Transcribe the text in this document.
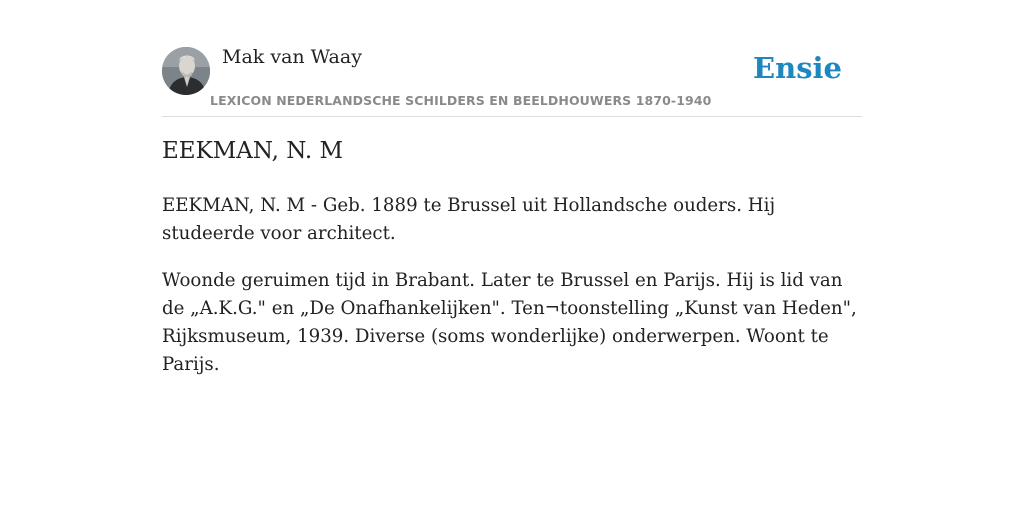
Mak van Waay
LEXICON NEDERLANDSCHE SCHILDERS EN BEELDHOUWERS 1870-1940
Ensie
EEKMAN, N. M

EEKMAN, N. M - Geb. 1889 te Brussel uit Hollandsche ouders. Hij studeerde voor architect.

Woonde geruimen tijd in Brabant. Later te Brussel en Parijs. Hij is lid van de „A.K.G." en „De Onafhankelijken". Ten¬toonstelling „Kunst van Heden", Rijksmuseum, 1939. Diverse (soms wonderlijke) onderwerpen. Woont te Parijs.
